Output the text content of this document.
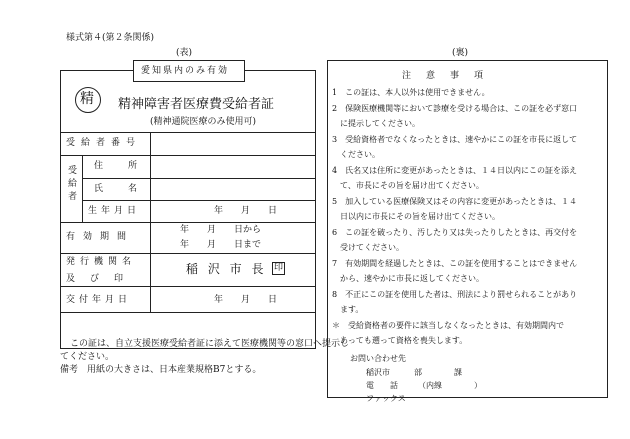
様式第４(第２条関係)
(表)	(裏)
愛知県内のみ有効
精 精神障害者医療費受給者証
(精神通院医療のみ使用可)
受給者番号
受給者 住　所
氏　名
生年月日	年　　月　　日
有効期間
年　　月　　日から
年　　月　　日まで
発行機関名
及　び　印
稲 沢 市 長 印
交付年月日	年　　月　　日
この証は、自立支援医療受給者証に添えて医療機関等の窓口へ提示し
てください。
備考　用紙の大きさは、日本産業規格B7とする。
注　意　事　項
1　この証は、本人以外は使用できません。
2　保険医療機関等において診療を受ける場合は、この証を必ず窓口
　に提示してください。
3　受給資格者でなくなったときは、速やかにこの証を市長に返して
　ください。
4　氏名又は住所に変更があったときは、１４日以内にこの証を添え
　て、市長にその旨を届け出てください。
5　加入している医療保険又はその内容に変更があったときは、１４
　日以内に市長にその旨を届け出てください。
6　この証を破ったり、汚したり又は失ったりしたときは、再交付を
　受けてください。
7　有効期間を経過したときは、この証を使用することはできません
　から、速やかに市長に返してください。
8　不正にこの証を使用した者は、刑法により罰せられることがあり
　ます。
＊　受給資格者の要件に該当しなくなったときは、有効期間内で
　あっても遡って資格を喪失します。
お問い合わせ先
稲沢市　　　部　　　　課
電　　話　　　（内線　　　　）
ファックス
